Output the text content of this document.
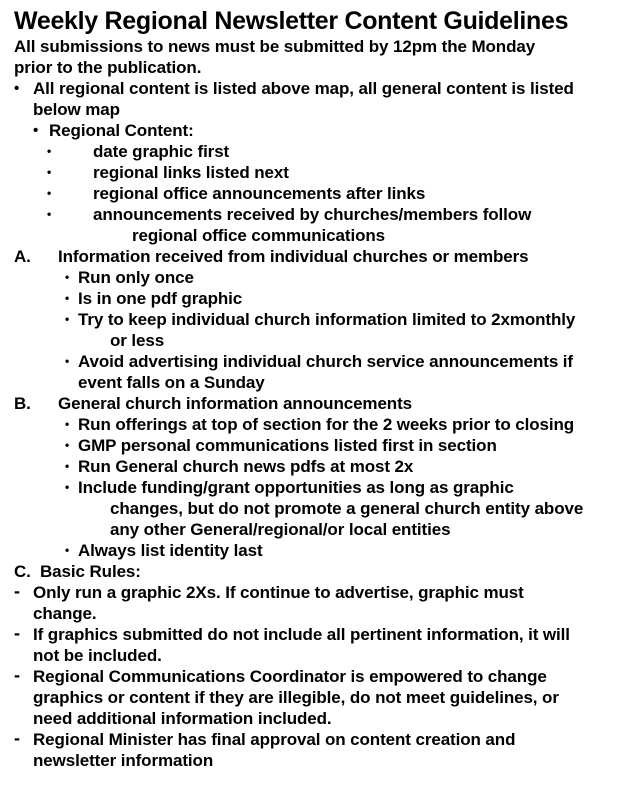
Weekly Regional Newsletter Content Guidelines
All submissions to news must be submitted by 12pm the Monday
prior to the publication.
• All regional content is listed above map, all general content is listed
below map
• Regional Content:
• date graphic first
• regional links listed next
• regional office announcements after links
• announcements received by churches/members follow
regional office communications
A. Information received from individual churches or members
• Run only once
• Is in one pdf graphic
• Try to keep individual church information limited to 2xmonthly
or less
• Avoid advertising individual church service announcements if
event falls on a Sunday
B. General church information announcements
• Run offerings at top of section for the 2 weeks prior to closing
• GMP personal communications listed first in section
• Run General church news pdfs at most 2x
• Include funding/grant opportunities as long as graphic
changes, but do not promote a general church entity above
any other General/regional/or local entities
• Always list identity last
C. Basic Rules:
- Only run a graphic 2Xs. If continue to advertise, graphic must
change.
- If graphics submitted do not include all pertinent information, it will
not be included.
- Regional Communications Coordinator is empowered to change
graphics or content if they are illegible, do not meet guidelines, or
need additional information included.
- Regional Minister has final approval on content creation and
newsletter information
